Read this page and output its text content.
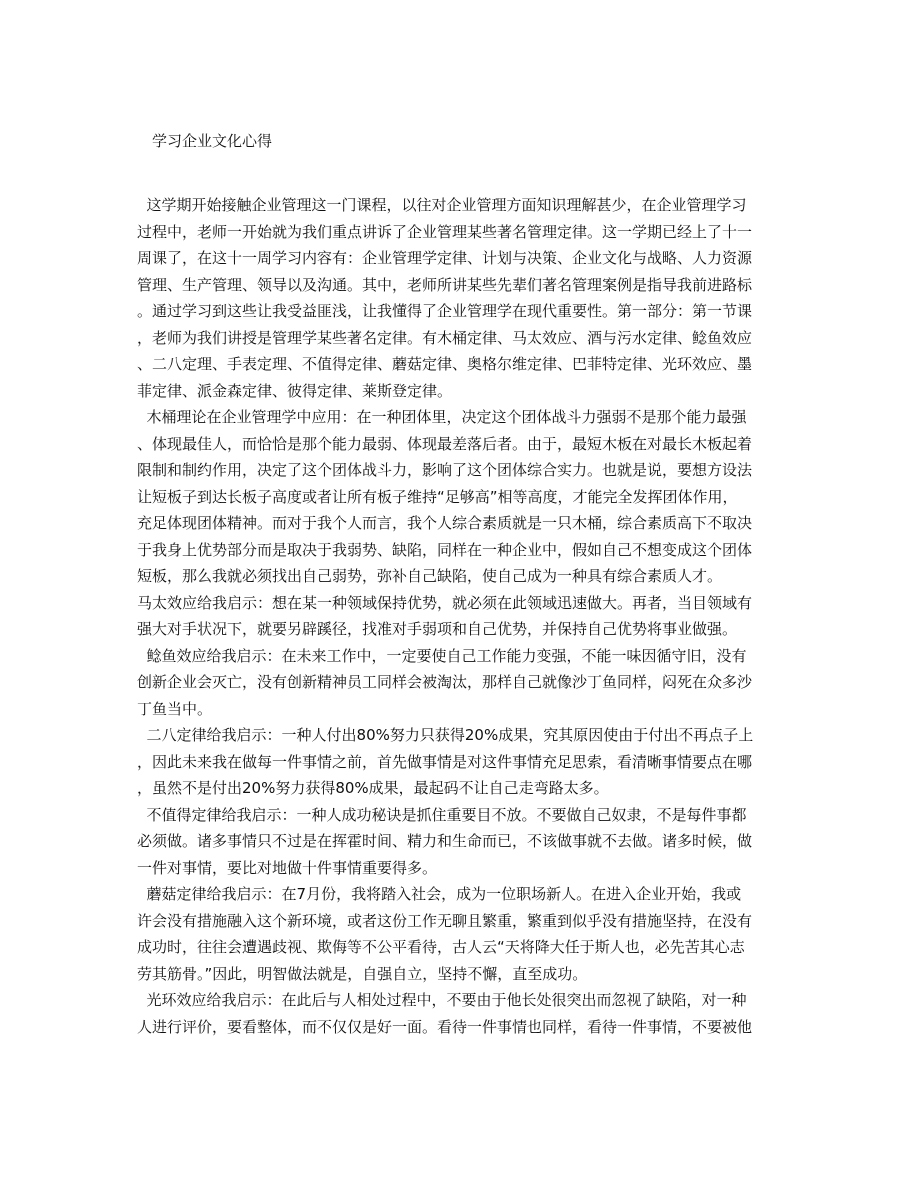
学习企业文化心得
这学期开始接触企业管理这一门课程，以往对企业管理方面知识理解甚少，在企业管理学习
过程中，老师一开始就为我们重点讲诉了企业管理某些著名管理定律。这一学期已经上了十一
周课了，在这十一周学习内容有：企业管理学定律、计划与决策、企业文化与战略、人力资源
管理、生产管理、领导以及沟通。其中，老师所讲某些先辈们著名管理案例是指导我前进路标
。通过学习到这些让我受益匪浅，让我懂得了企业管理学在现代重要性。第一部分：第一节课
，老师为我们讲授是管理学某些著名定律。有木桶定律、马太效应、酒与污水定律、鲶鱼效应
、二八定理、手表定理、不值得定律、蘑菇定律、奥格尔维定律、巴菲特定律、光环效应、墨
菲定律、派金森定律、彼得定律、莱斯登定律。
木桶理论在企业管理学中应用：在一种团体里，决定这个团体战斗力强弱不是那个能力最强
、体现最佳人，而恰恰是那个能力最弱、体现最差落后者。由于，最短木板在对最长木板起着
限制和制约作用，决定了这个团体战斗力，影响了这个团体综合实力。也就是说，要想方设法
让短板子到达长板子高度或者让所有板子维持“足够高”相等高度，才能完全发挥团体作用，
充足体现团体精神。而对于我个人而言，我个人综合素质就是一只木桶，综合素质高下不取决
于我身上优势部分而是取决于我弱势、缺陷，同样在一种企业中，假如自己不想变成这个团体
短板，那么我就必须找出自己弱势，弥补自己缺陷，使自己成为一种具有综合素质人才。
马太效应给我启示：想在某一种领域保持优势，就必须在此领域迅速做大。再者，当目领域有
强大对手状况下，就要另辟蹊径，找准对手弱项和自己优势，并保持自己优势将事业做强。
鲶鱼效应给我启示：在未来工作中，一定要使自己工作能力变强，不能一味因循守旧，没有
创新企业会灭亡，没有创新精神员工同样会被淘汰，那样自己就像沙丁鱼同样，闷死在众多沙
丁鱼当中。
二八定律给我启示：一种人付出80%努力只获得20%成果，究其原因使由于付出不再点子上
，因此未来我在做每一件事情之前，首先做事情是对这件事情充足思索，看清晰事情要点在哪
，虽然不是付出20%努力获得80%成果，最起码不让自己走弯路太多。
不值得定律给我启示：一种人成功秘诀是抓住重要目不放。不要做自己奴隶，不是每件事都
必须做。诸多事情只不过是在挥霍时间、精力和生命而已，不该做事就不去做。诸多时候，做
一件对事情，要比对地做十件事情重要得多。
蘑菇定律给我启示：在7月份，我将踏入社会，成为一位职场新人。在进入企业开始，我或
许会没有措施融入这个新环境，或者这份工作无聊且繁重，繁重到似乎没有措施坚持，在没有
成功时，往往会遭遇歧视、欺侮等不公平看待，古人云“天将降大任于斯人也，必先苦其心志
劳其筋骨。”因此，明智做法就是，自强自立，坚持不懈，直至成功。
光环效应给我启示：在此后与人相处过程中，不要由于他长处很突出而忽视了缺陷，对一种
人进行评价，要看整体，而不仅仅是好一面。看待一件事情也同样，看待一件事情，不要被他
